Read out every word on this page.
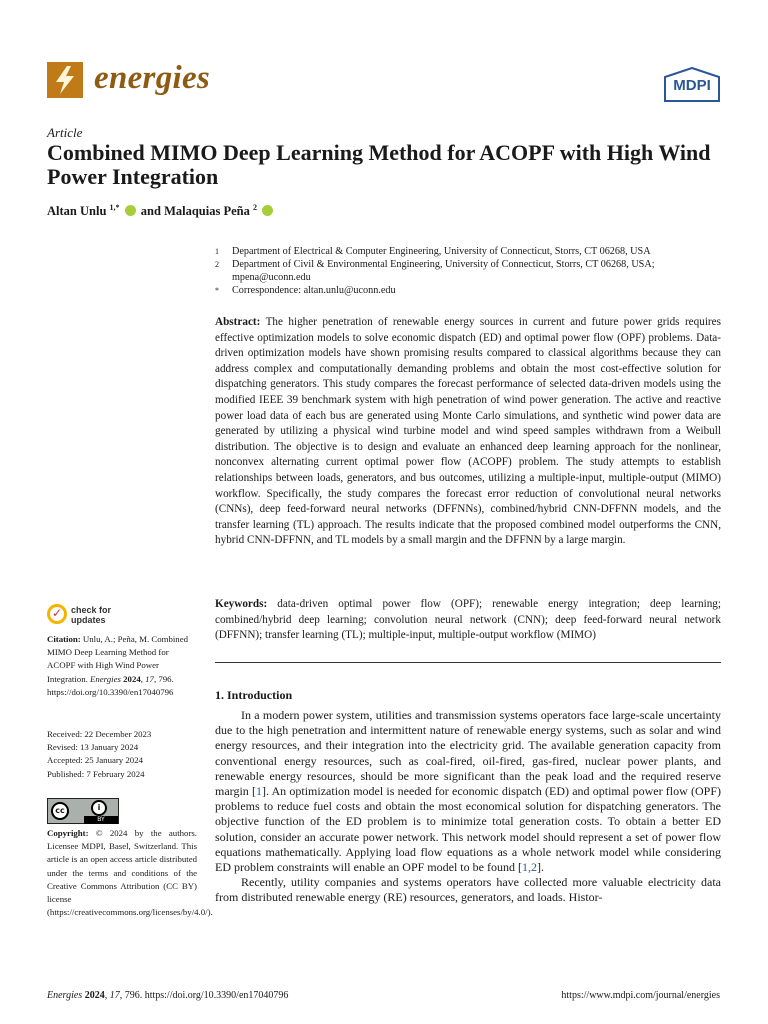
energies	MDPI
Article
Combined MIMO Deep Learning Method for ACOPF with High Wind Power Integration
Altan Unlu $^{1,*}$ and Malaquias Peña $^2$
1 Department of Electrical & Computer Engineering, University of Connecticut, Storrs, CT 06268, USA
2 Department of Civil & Environmental Engineering, University of Connecticut, Storrs, CT 06268, USA; mpena@uconn.edu
* Correspondence: altan.unlu@uconn.edu
Abstract: The higher penetration of renewable energy sources in current and future power grids requires effective optimization models to solve economic dispatch (ED) and optimal power flow (OPF) problems. Data-driven optimization models have shown promising results compared to classical algorithms because they can address complex and computationally demanding problems and obtain the most cost-effective solution for dispatching generators. This study compares the forecast performance of selected data-driven models using the modified IEEE 39 benchmark system with high penetration of wind power generation. The active and reactive power load data of each bus are generated using Monte Carlo simulations, and synthetic wind power data are generated by utilizing a physical wind turbine model and wind speed samples withdrawn from a Weibull distribution. The objective is to design and evaluate an enhanced deep learning approach for the nonlinear, nonconvex alternating current optimal power flow (ACOPF) problem. The study attempts to establish relationships between loads, generators, and bus outcomes, utilizing a multiple-input, multiple-output (MIMO) workflow. Specifically, the study compares the forecast error reduction of convolutional neural networks (CNNs), deep feed-forward neural networks (DFFNNs), combined/hybrid CNN-DFFNN models, and the transfer learning (TL) approach. The results indicate that the proposed combined model outperforms the CNN, hybrid CNN-DFFNN, and TL models by a small margin and the DFFNN by a large margin.
Keywords: data-driven optimal power flow (OPF); renewable energy integration; deep learning; combined/hybrid deep learning; convolution neural network (CNN); deep feed-forward neural network (DFFNN); transfer learning (TL); multiple-input, multiple-output workflow (MIMO)
1. Introduction

In a modern power system, utilities and transmission systems operators face large-scale uncertainty due to the high penetration and intermittent nature of renewable energy systems, such as solar and wind energy resources, and their integration into the electricity grid. The available generation capacity from conventional energy resources, such as coal-fired, oil-fired, gas-fired, nuclear power plants, and renewable energy resources, should be more significant than the peak load and the required reserve margin [1]. An optimization model is needed for economic dispatch (ED) and optimal power flow (OPF) problems to reduce fuel costs and obtain the most economical solution for dispatching generators. The objective function of the ED problem is to minimize total generation costs. To obtain a better ED solution, consider an accurate power network. This network model should represent a set of power flow equations mathematically. Applying load flow equations as a whole network model while considering ED problem constraints will enable an OPF model to be found [1,2].

Recently, utility companies and systems operators have collected more valuable electricity data from distributed renewable energy (RE) resources, generators, and loads. Histor-

✓ check for
updates
Citation: Unlu, A.; Peña, M. Combined MIMO Deep Learning Method for ACOPF with High Wind Power Integration. Energies 2024, 17, 796. https://doi.org/10.3390/en17040796
Received: 22 December 2023
Revised: 13 January 2024
Accepted: 25 January 2024
Published: 7 February 2024
cc	i
BY
Copyright: © 2024 by the authors. Licensee MDPI, Basel, Switzerland. This article is an open access article distributed under the terms and conditions of the Creative Commons Attribution (CC BY) license (https://creativecommons.org/licenses/by/4.0/).
Energies 2024, 17, 796. https://doi.org/10.3390/en17040796	https://www.mdpi.com/journal/energies
